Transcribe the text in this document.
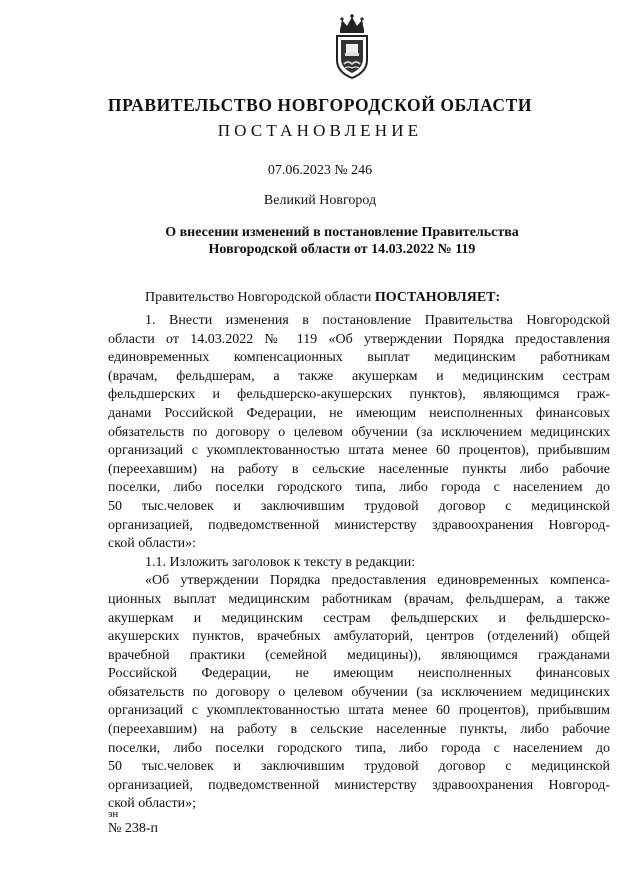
ПРАВИТЕЛЬСТВО НОВГОРОДСКОЙ ОБЛАСТИ
ПОСТАНОВЛЕНИЕ
07.06.2023 № 246
Великий Новгород
О внесении изменений в постановление Правительства
Новгородской области от 14.03.2022 № 119
Правительство Новгородской области ПОСТАНОВЛЯЕТ:
1. Внести изменения в постановление Правительства Новгородской
области от 14.03.2022 № 119 «Об утверждении Порядка предоставления
единовременных компенсационных выплат медицинским работникам
(врачам, фельдшерам, а также акушеркам и медицинским сестрам
фельдшерских и фельдшерско-акушерских пунктов), являющимся граж-
данами Российской Федерации, не имеющим неисполненных финансовых
обязательств по договору о целевом обучении (за исключением медицинских
организаций с укомплектованностью штата менее 60 процентов), прибывшим
(переехавшим) на работу в сельские населенные пункты либо рабочие
поселки, либо поселки городского типа, либо города с населением до
50 тыс.человек и заключившим трудовой договор с медицинской
организацией, подведомственной министерству здравоохранения Новгород-
ской области»:
1.1. Изложить заголовок к тексту в редакции:
«Об утверждении Порядка предоставления единовременных компенса-
ционных выплат медицинским работникам (врачам, фельдшерам, а также
акушеркам и медицинским сестрам фельдшерских и фельдшерско-
акушерских пунктов, врачебных амбулаторий, центров (отделений) общей
врачебной практики (семейной медицины)), являющимся гражданами
Российской Федерации, не имеющим неисполненных финансовых
обязательств по договору о целевом обучении (за исключением медицинских
организаций с укомплектованностью штата менее 60 процентов), прибывшим
(переехавшим) на работу в сельские населенные пункты, либо рабочие
поселки, либо поселки городского типа, либо города с населением до
50 тыс.человек и заключившим трудовой договор с медицинской
организацией, подведомственной министерству здравоохранения Новгород-
ской области»;
зн
№ 238-п
